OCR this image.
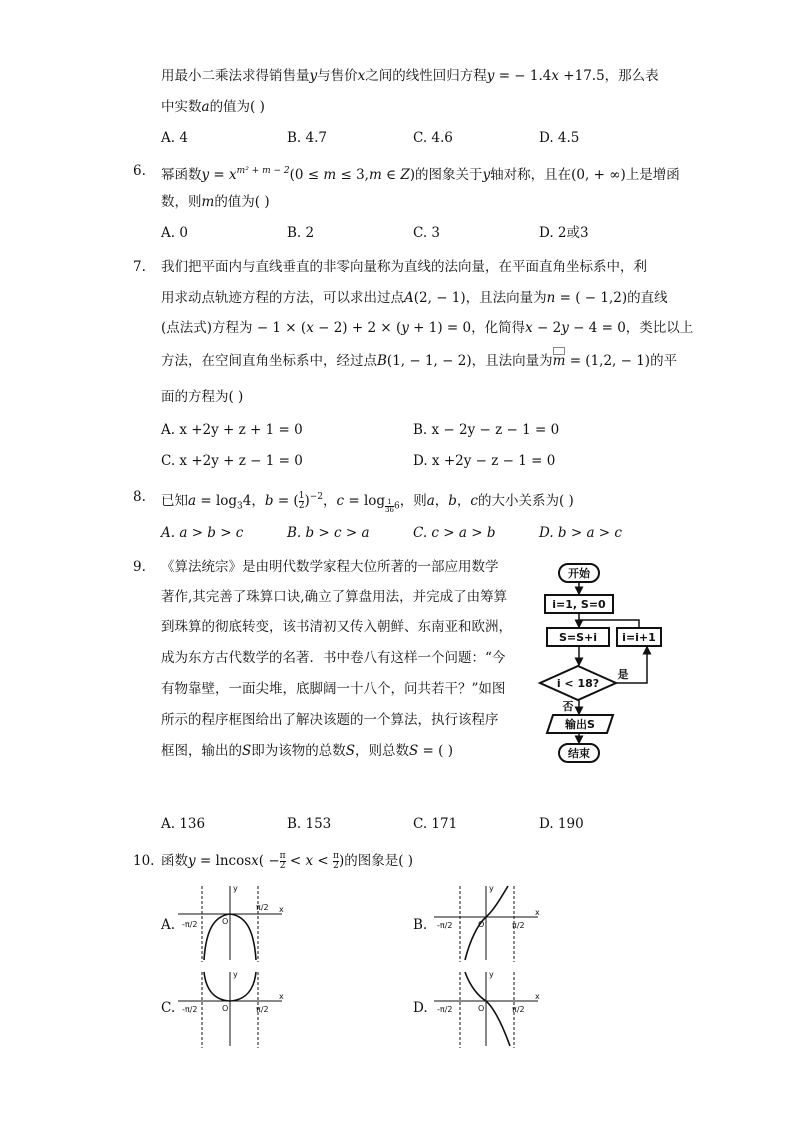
用最小二乘法求得销售量y与售价x之间的线性回归方程y = − 1.4x +17.5，那么表
中实数a的值为( )
A. 4	B. 4.7	C. 4.6	D. 4.5
6. 幂函数$y = x^{m^2 + m - 2}(0 \le m \le 3,m$ ∈ Z)的图象关于y轴对称，且在(0, + ∞)上是增函
数，则m的值为( )
A. 0	B. 2	C. 3	D. 2或3
7. 我们把平面内与直线垂直的非零向量称为直线的法向量，在平面直角坐标系中，利
用求动点轨迹方程的方法，可以求出过点A(2, − 1)，且法向量为n = ( − 1,2)的直线
(点法式)方程为 − 1 × (x − 2) + 2 × (y + 1) = 0，化简得x − 2y − 4 = 0，类比以上
方法，在空间直角坐标系中，经过点B(1, − 1, − 2)，且法向量为m
= (1,2, − 1)的平
面的方程为( )
A. x +2y + z + 1 = 0	B. x − 2y − z − 1 = 0
C. x +2y + z − 1 = 0	D. x +2y − z − 1 = 0
8. 已知$a = \log_34$，b = ( $\frac{1}{2} )^{-2}$，c = log $_{\frac{1}{36}}$ $_6$，则a，b，c的大小关系为( )
A. a > b > c	B. b > c > a	C. c > a > b	D. b > a > c
9. 《算法统宗》是由明代数学家程大位所著的一部应用数学
著作,其完善了珠算口诀,确立了算盘用法，并完成了由筹算
到珠算的彻底转变，该书清初又传入朝鲜、东南亚和欧洲，
成为东方古代数学的名著．书中卷八有这样一个问题：“今
有物靠壁，一面尖堆，底脚阔一十八个，问共若干？”如图
所示的程序框图给出了解决该题的一个算法，执行该程序
框图，输出的S即为该物的总数S，则总数S = ( )
开始
i=1, S=0
S=S+i i=i+1
i < 18?
是
否
输出S
结束
A. 136	B. 153	C. 171	D. 190
10. 函数$y = lncosx( - \frac{\pi}{2} < x < \frac{\pi}{2}$ )的图象是( )
A.	B.
C.	D.
y
x
O
-π/2
π/2
y
x
O
-π/2	π/2
y
x
O
-π/2	π/2
y
x
O
-π/2	π/2
